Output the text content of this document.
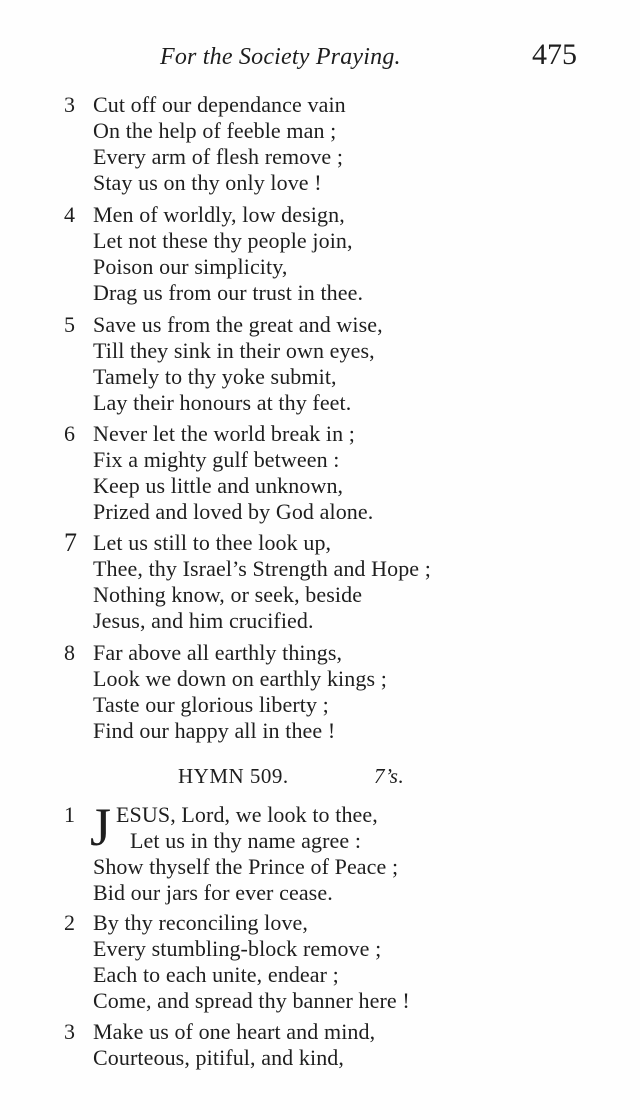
For the Society Praying.	475
3 Cut off our dependance vain
On the help of feeble man ;
Every arm of flesh remove ;
Stay us on thy only love !
4 Men of worldly, low design,
Let not these thy people join,
Poison our simplicity,
Drag us from our trust in thee.
5 Save us from the great and wise,
Till they sink in their own eyes,
Tamely to thy yoke submit,
Lay their honours at thy feet.
6 Never let the world break in ;
Fix a mighty gulf between :
Keep us little and unknown,
Prized and loved by God alone.
7 Let us still to thee look up,
Thee, thy Israel’s Strength and Hope ;
Nothing know, or seek, beside
Jesus, and him crucified.
8 Far above all earthly things,
Look we down on earthly kings ;
Taste our glorious liberty ;
Find our happy all in thee !
HYMN 509.	7’s.
1 J ESUS, Lord, we look to thee,
Let us in thy name agree :
Show thyself the Prince of Peace ;
Bid our jars for ever cease.
2 By thy reconciling love,
Every stumbling-block remove ;
Each to each unite, endear ;
Come, and spread thy banner here !
3 Make us of one heart and mind,
Courteous, pitiful, and kind,
